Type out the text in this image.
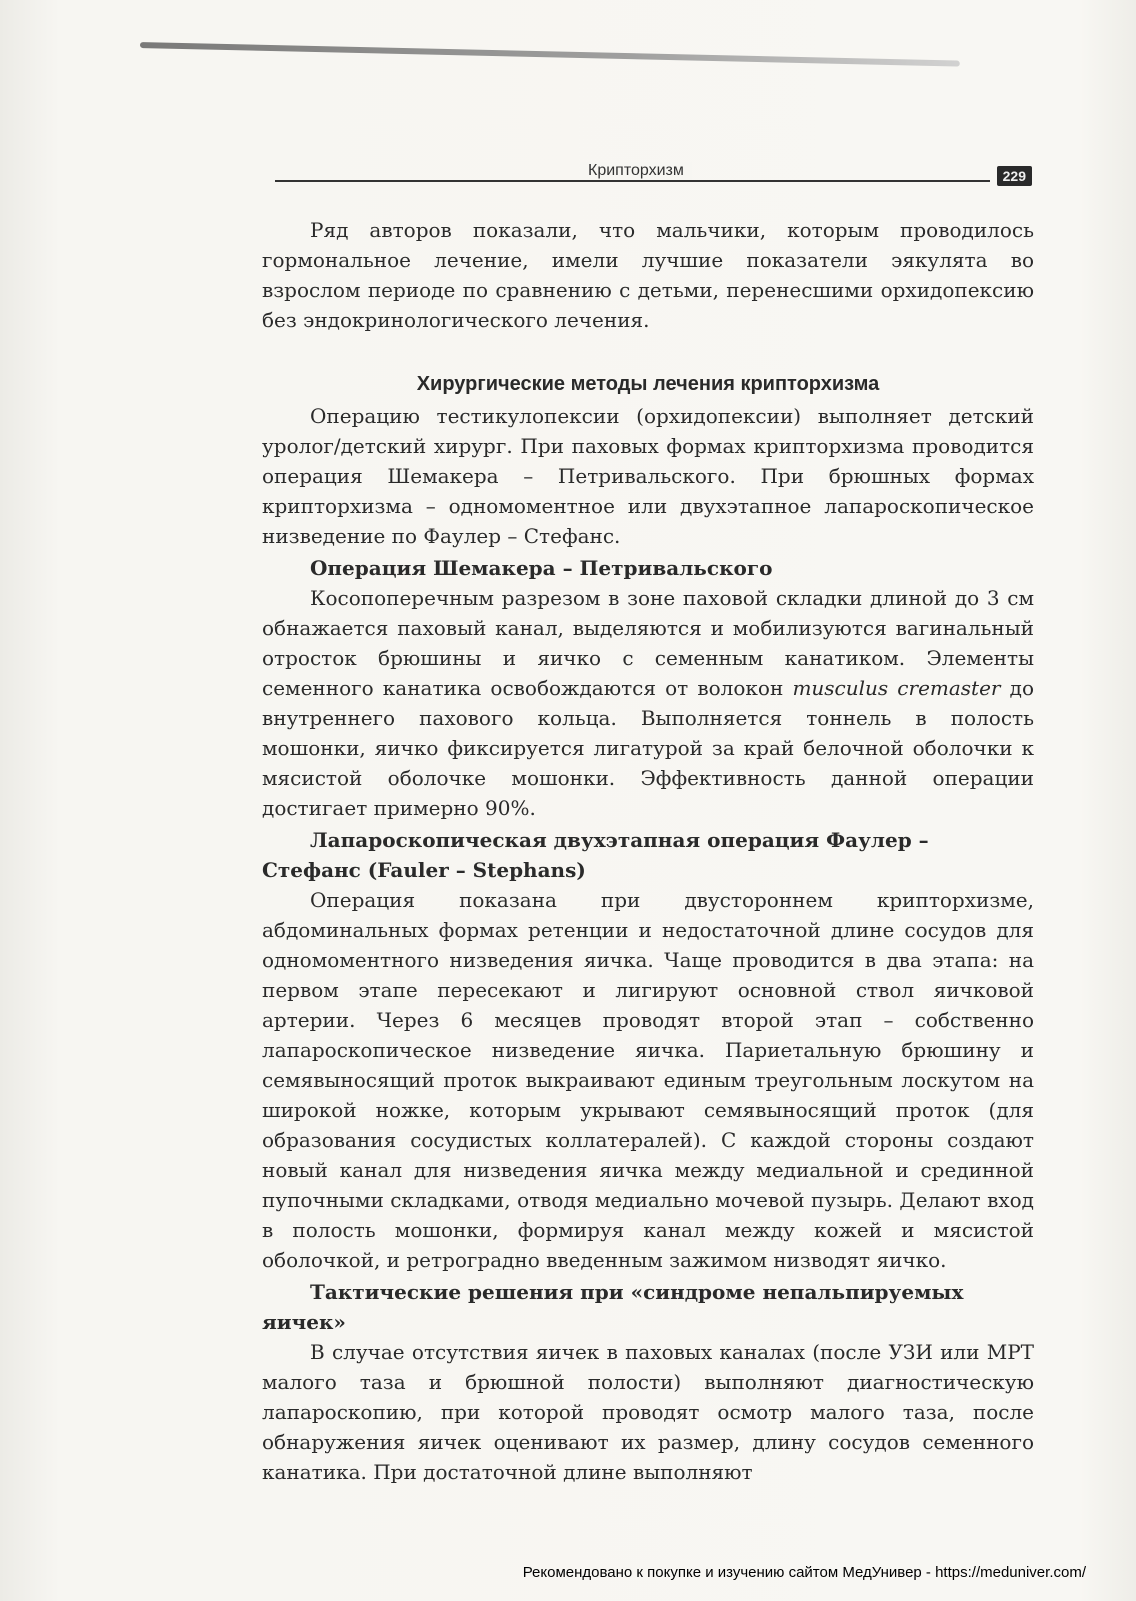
Крипторхизм	229

Ряд авторов показали, что мальчики, которым проводилось гормональное лечение, имели лучшие показатели эякулята во взрослом периоде по сравнению с детьми, перенесшими орхидопексию без эндокринологического лечения.

Хирургические методы лечения крипторхизма

Операцию тестикулопексии (орхидопексии) выполняет детский уролог/детский хирург. При паховых формах крипторхизма проводится операция Шемакера – Петривальского. При брюшных формах крипторхизма – одномоментное или двухэтапное лапароскопическое низведение по Фаулер – Стефанс.

Операция Шемакера – Петривальского

Косопоперечным разрезом в зоне паховой складки длиной до 3 см обнажается паховый канал, выделяются и мобилизуются вагинальный отросток брюшины и яичко с семенным канатиком. Элементы семенного канатика освобождаются от волокон musculus cremaster до внутреннего пахового кольца. Выполняется тоннель в полость мошонки, яичко фиксируется лигатурой за край белочной оболочки к мясистой оболочке мошонки. Эффективность данной операции достигает примерно 90%.

Лапароскопическая двухэтапная операция Фаулер – Стефанс (Fauler – Stephans)

Операция показана при двустороннем крипторхизме, абдоминальных формах ретенции и недостаточной длине сосудов для одномоментного низведения яичка. Чаще проводится в два этапа: на первом этапе пересекают и лигируют основной ствол яичковой артерии. Через 6 месяцев проводят второй этап – собственно лапароскопическое низведение яичка. Париетальную брюшину и семявыносящий проток выкраивают единым треугольным лоскутом на широкой ножке, которым укрывают семявыносящий проток (для образования сосудистых коллатералей). С каждой стороны создают новый канал для низведения яичка между медиальной и срединной пупочными складками, отводя медиально мочевой пузырь. Делают вход в полость мошонки, формируя канал между кожей и мясистой оболочкой, и ретроградно введенным зажимом низводят яичко.

Тактические решения при «синдроме непальпируемых яичек»

В случае отсутствия яичек в паховых каналах (после УЗИ или МРТ малого таза и брюшной полости) выполняют диагностическую лапароскопию, при которой проводят осмотр малого таза, после обнаружения яичек оценивают их размер, длину сосудов семенного канатика. При достаточной длине выполняют

Рекомендовано к покупке и изучению сайтом МедУнивер - https://meduniver.com/
